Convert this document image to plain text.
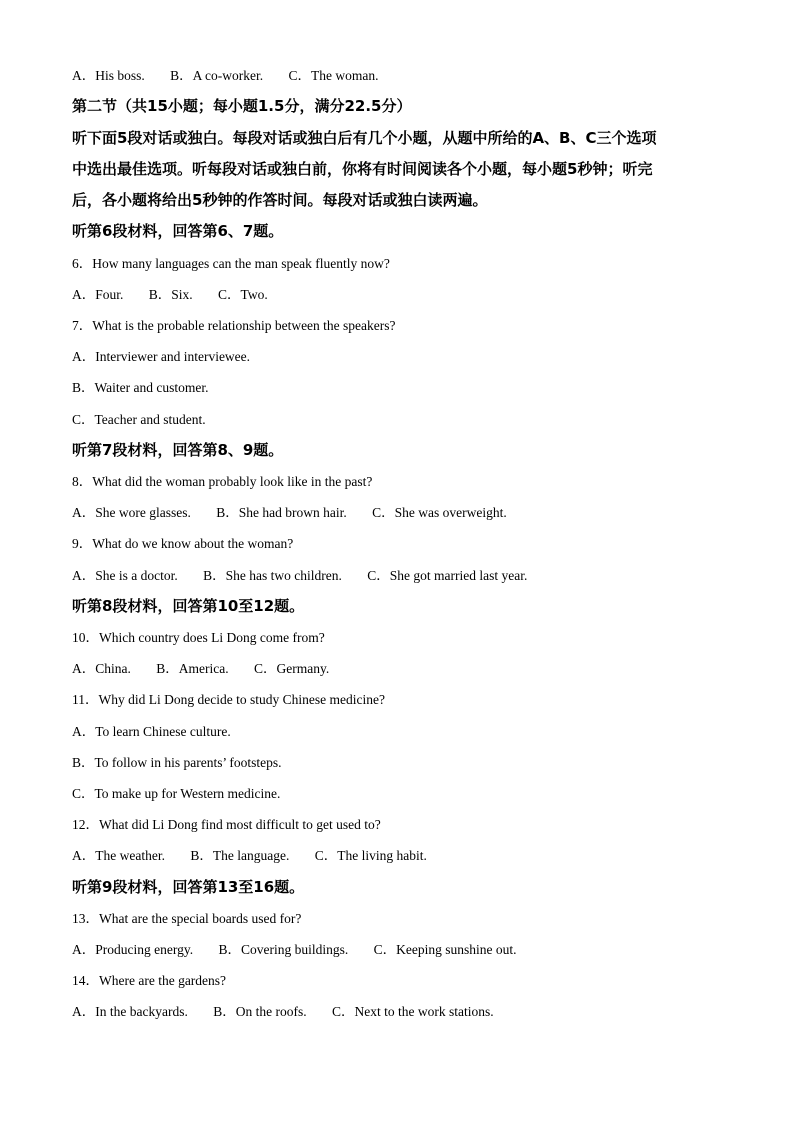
A．His boss. B．A co-worker. C．The woman.
第二节（共15小题；每小题1.5分，满分22.5分）
听下面5段对话或独白。每段对话或独白后有几个小题，从题中所给的A、B、C三个选项
中选出最佳选项。听每段对话或独白前，你将有时间阅读各个小题，每小题5秒钟；听完
后，各小题将给出5秒钟的作答时间。每段对话或独白读两遍。
听第6段材料，回答第6、7题。
6．How many languages can the man speak fluently now?
A．Four. B．Six. C．Two.
7．What is the probable relationship between the speakers?
A．Interviewer and interviewee.
B．Waiter and customer.
C．Teacher and student.
听第7段材料，回答第8、9题。
8．What did the woman probably look like in the past?
A．She wore glasses. B．She had brown hair. C．She was overweight.
9．What do we know about the woman?
A．She is a doctor. B．She has two children. C．She got married last year.
听第8段材料，回答第10至12题。
10．Which country does Li Dong come from?
A．China. B．America. C．Germany.
11．Why did Li Dong decide to study Chinese medicine?
A．To learn Chinese culture.
B．To follow in his parents’ footsteps.
C．To make up for Western medicine.
12．What did Li Dong find most difficult to get used to?
A．The weather. B．The language. C．The living habit.
听第9段材料，回答第13至16题。
13．What are the special boards used for?
A．Producing energy. B．Covering buildings. C．Keeping sunshine out.
14．Where are the gardens?
A．In the backyards. B．On the roofs. C．Next to the work stations.
